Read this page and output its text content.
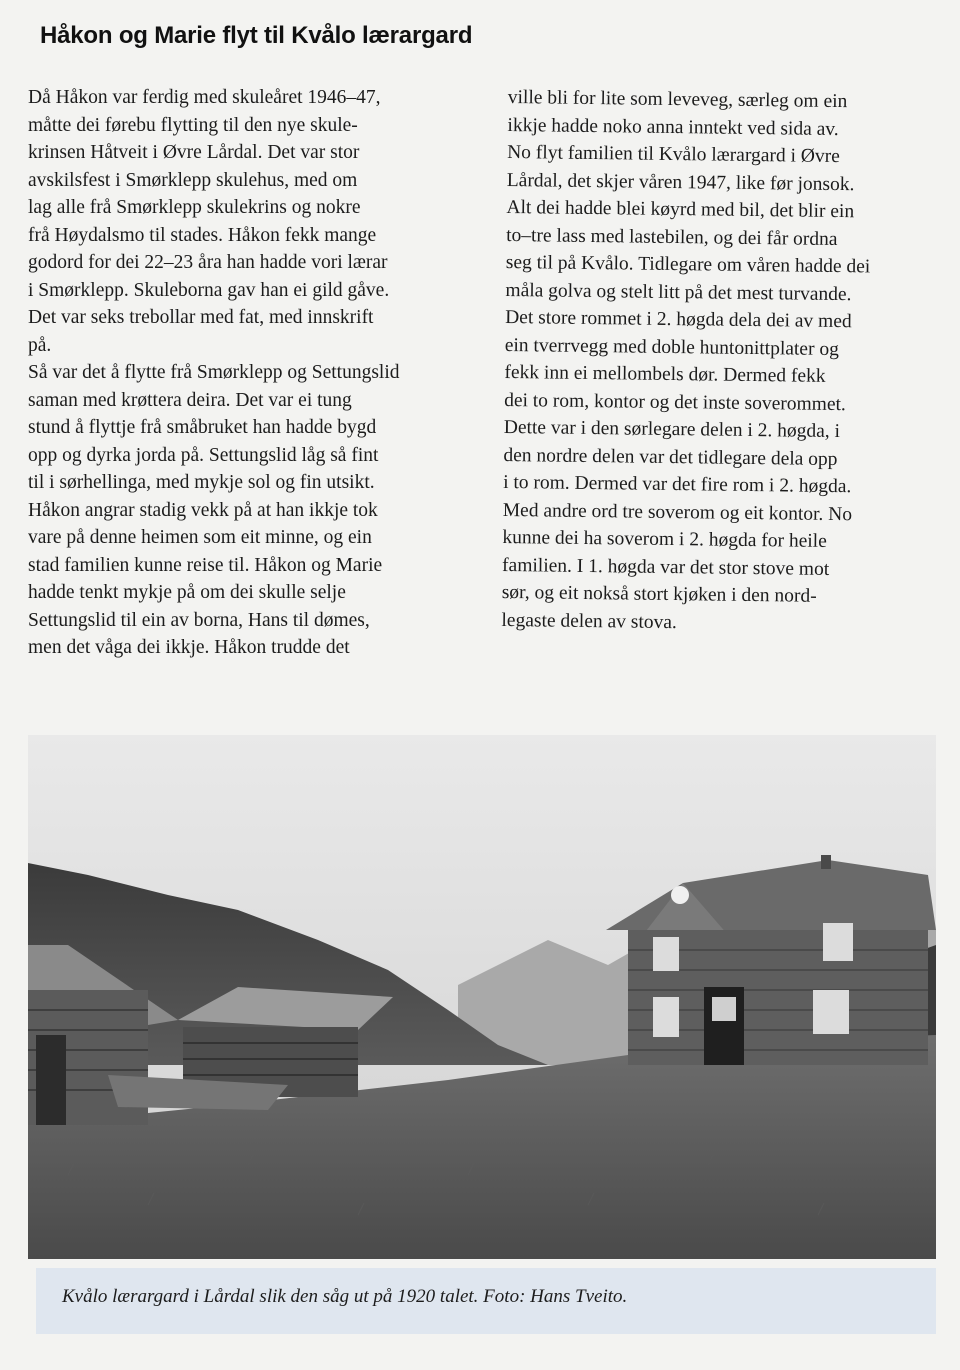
Håkon og Marie flyt til Kvålo lærargard

Då Håkon var ferdig med skuleåret 1946–47,
måtte dei førebu flytting til den nye skule-
krinsen Håtveit i Øvre Lårdal. Det var stor
avskilsfest i Smørklepp skulehus, med om
lag alle frå Smørklepp skulekrins og nokre
frå Høydalsmo til stades. Håkon fekk mange
godord for dei 22–23 åra han hadde vori lærar
i Smørklepp. Skuleborna gav han ei gild gåve.
Det var seks trebollar med fat, med innskrift
på.
Så var det å flytte frå Smørklepp og Settungslid
saman med krøttera deira. Det var ei tung
stund å flyttje frå småbruket han hadde bygd
opp og dyrka jorda på. Settungslid låg så fint
til i sørhellinga, med mykje sol og fin utsikt.
Håkon angrar stadig vekk på at han ikkje tok
vare på denne heimen som eit minne, og ein
stad familien kunne reise til. Håkon og Marie
hadde tenkt mykje på om dei skulle selje
Settungslid til ein av borna, Hans til dømes,
men det våga dei ikkje. Håkon trudde det

ville bli for lite som leveveg, særleg om ein
ikkje hadde noko anna inntekt ved sida av.
No flyt familien til Kvålo lærargard i Øvre
Lårdal, det skjer våren 1947, like før jonsok.
Alt dei hadde blei køyrd med bil, det blir ein
to–tre lass med lastebilen, og dei får ordna
seg til på Kvålo. Tidlegare om våren hadde dei
måla golva og stelt litt på det mest turvande.
Det store rommet i 2. høgda dela dei av med
ein tverrvegg med doble huntonittplater og
fekk inn ei mellombels dør. Dermed fekk
dei to rom, kontor og det inste soverommet.
Dette var i den sørlegare delen i 2. høgda, i
den nordre delen var det tidlegare dela opp
i to rom. Dermed var det fire rom i 2. høgda.
Med andre ord tre soverom og eit kontor. No
kunne dei ha soverom i 2. høgda for heile
familien. I 1. høgda var det stor stove mot
sør, og eit nokså stort kjøken i den nord-
legaste delen av stova.

Kvålo lærargard i Lårdal slik den såg ut på 1920 talet. Foto: Hans Tveito.
